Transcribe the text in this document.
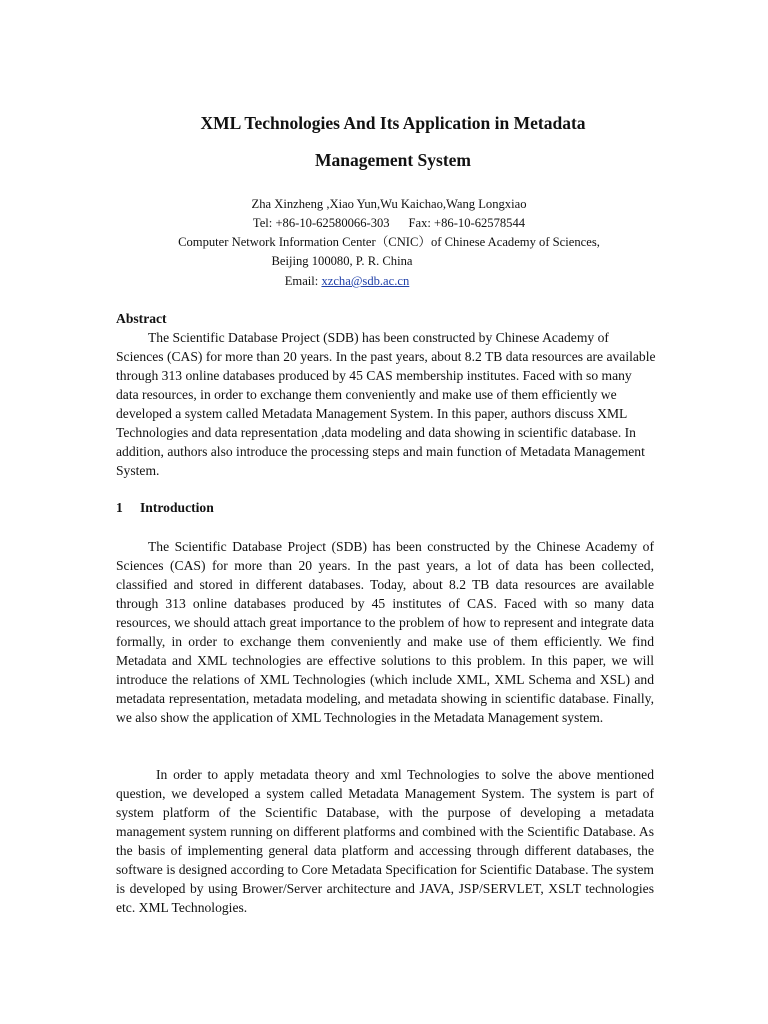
XML Technologies And Its Application in Metadata
Management System

Zha Xinzheng ,Xiao Yun,Wu Kaichao,Wang Longxiao

Tel: +86-10-62580066-303      Fax: +86-10-62578544

Computer Network Information Center（CNIC）of Chinese Academy of Sciences,

Beijing 100080, P. R. China

Email: xzcha@sdb.ac.cn

Abstract

The Scientific Database Project (SDB) has been constructed by Chinese Academy of Sciences (CAS) for more than 20 years. In the past years, about 8.2 TB data resources are available through 313 online databases produced by 45 CAS membership institutes. Faced with so many data resources, in order to exchange them conveniently and make use of them efficiently we developed a system called Metadata Management System. In this paper, authors discuss XML Technologies and data representation ,data modeling and data showing in scientific database. In addition, authors also introduce the processing steps and main function of Metadata Management System.

1 Introduction

The Scientific Database Project (SDB) has been constructed by the Chinese Academy of Sciences (CAS) for more than 20 years. In the past years, a lot of data has been collected, classified and stored in different databases. Today, about 8.2 TB data resources are available through 313 online databases produced by 45 institutes of CAS. Faced with so many data resources, we should attach great importance to the problem of how to represent and integrate data formally, in order to exchange them conveniently and make use of them efficiently. We find Metadata and XML technologies are effective solutions to this problem. In this paper, we will introduce the relations of XML Technologies (which include XML, XML Schema and XSL) and metadata representation, metadata modeling, and metadata showing in scientific database. Finally, we also show the application of XML Technologies in the Metadata Management system.

In order to apply metadata theory and xml Technologies to solve the above mentioned question, we developed a system called Metadata Management System. The system is part of system platform of the Scientific Database, with the purpose of developing a metadata management system running on different platforms and combined with the Scientific Database. As the basis of implementing general data platform and accessing through different databases, the software is designed according to Core Metadata Specification for Scientific Database. The system is developed by using Brower/Server architecture and JAVA, JSP/SERVLET, XSLT technologies etc. XML Technologies.
